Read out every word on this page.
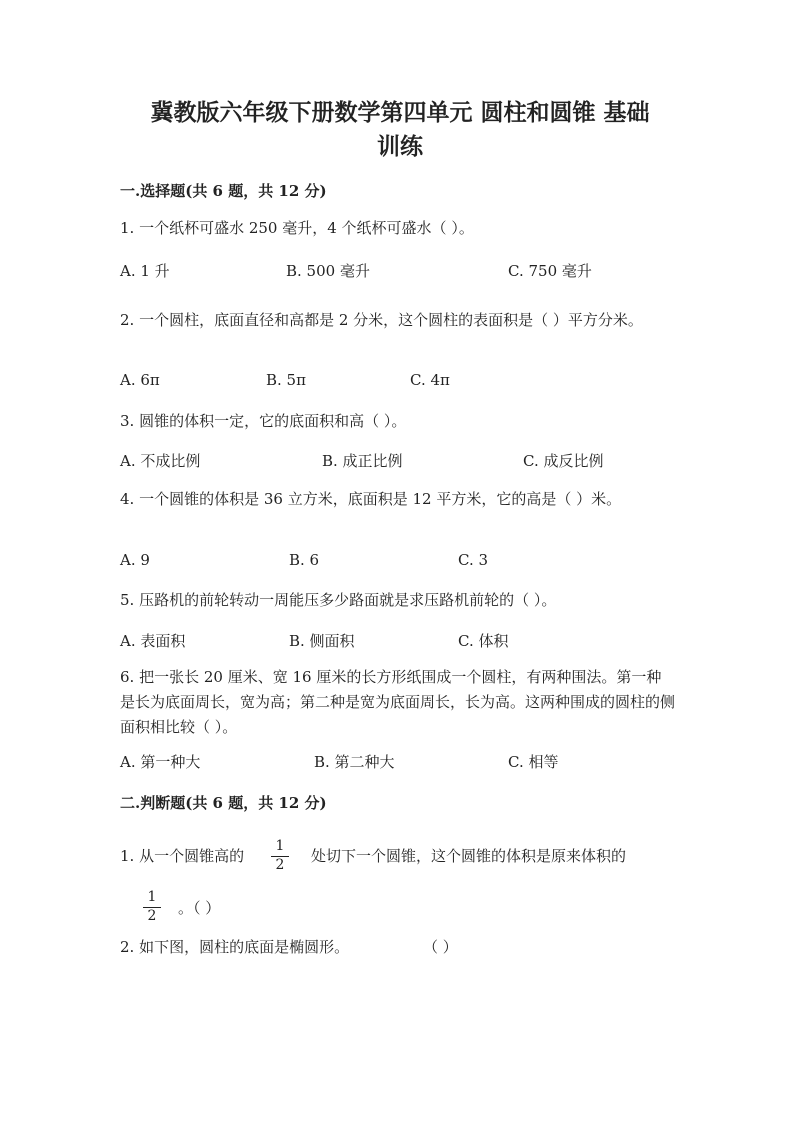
冀教版六年级下册数学第四单元 圆柱和圆锥 基础
训练
一.选择题(共 6 题，共 12 分)
1. 一个纸杯可盛水 250 毫升，4 个纸杯可盛水（ ）。
A. 1 升	B. 500 毫升	C. 750 毫升
2. 一个圆柱，底面直径和高都是 2 分米，这个圆柱的表面积是（ ）平方分米。
A. 6π	B. 5π	C. 4π
3. 圆锥的体积一定，它的底面积和高（ ）。
A. 不成比例	B. 成正比例	C. 成反比例
4. 一个圆锥的体积是 36 立方米，底面积是 12 平方米，它的高是（ ）米。
A. 9	B. 6	C. 3
5. 压路机的前轮转动一周能压多少路面就是求压路机前轮的（ ）。
A. 表面积	B. 侧面积	C. 体积
6. 把一张长 20 厘米、宽 16 厘米的长方形纸围成一个圆柱，有两种围法。第一种是长为底面周长，宽为高；第二种是宽为底面周长，长为高。这两种围成的圆柱的侧面积相比较（ ）。
A. 第一种大	B. 第二种大	C. 相等
二.判断题(共 6 题，共 12 分)
1. 从一个圆锥高的 $\frac{1}{2}$ 处切下一个圆锥，这个圆锥的体积是原来体积的
$\frac{1}{2}$ 。（ ）
2. 如下图，圆柱的底面是椭圆形。	（ ）
